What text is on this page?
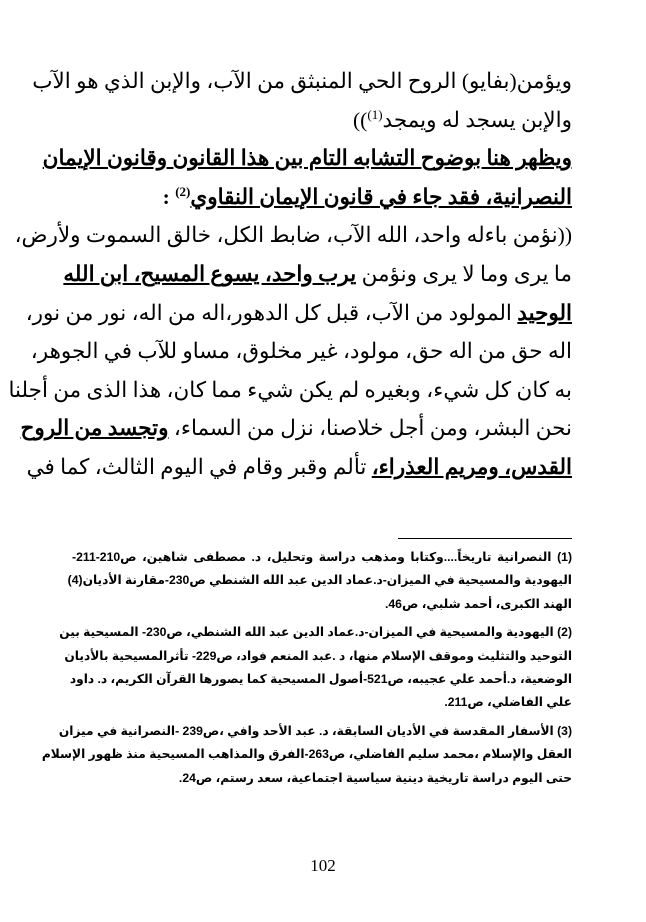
ويؤمن(بفايو) الروح الحي المنبثق من الآب، والإبن الذي هو الآب
والإبن يسجد له ويمجد$^{(1)}$))
ويظهر هنا بوضوح التشابه التام بين هذا القانون وقانون الإيمان
النصرانية، فقد جاء في قانون الإيمان النقاوي$^{(2)}$ :
((نؤمن باءله واحد، الله الآب، ضابط الكل، خالق السموت ولأرض،
ما يرى وما لا يرى ونؤمن يرب واحد، يسوع المسيح، ابن الله
الوحيد المولود من الآب، قبل كل الدهور،اله من اله، نور من نور،
اله حق من اله حق، مولود، غير مخلوق، مساو للآب في الجوهر،
به كان كل شيء، وبغيره لم يكن شيء مما كان، هذا الذى من أجلنا
نحن البشر، ومن أجل خلاصنا، نزل من السماء، وتجسد من الروح
القدس، ومريم العذراء، تألم وقبر وقام في اليوم الثالث، كما في
(1) النصرانية تاريخاً....وكتابا ومذهب دراسة وتحليل، د. مصطفى شاهين، ص210-211-
اليهودية والمسيحية في الميزان-د.عماد الدين عبد الله الشنطي ص230-مقارنة الأديان(4)
الهند الكبرى، أحمد شلبي، ص46.
(2) اليهودية والمسيحية في الميزان-د.عماد الدين عبد الله الشنطي، ص230- المسيحية بين
التوحيد والتثليث وموقف الإسلام منها، د .عبد المنعم فواد، ص229- تأثرالمسيحية بالأديان
الوضعية، د.أحمد علي عجيبه، ص521-أصول المسيحية كما يصورها القرآن الكريم، د. داود
علي الفاضلي، ص211.
(3) الأسفار المقدسة في الأديان السابقة، د. عبد الأحد وافي ،ص239 -النصرانية في ميزان
العقل والإسلام ،محمد سليم الفاضلي، ص263-الفرق والمذاهب المسيحية منذ ظهور الإسلام
حتى اليوم دراسة تاريخية دينية سياسية اجتماعية، سعد رستم، ص24.
102
